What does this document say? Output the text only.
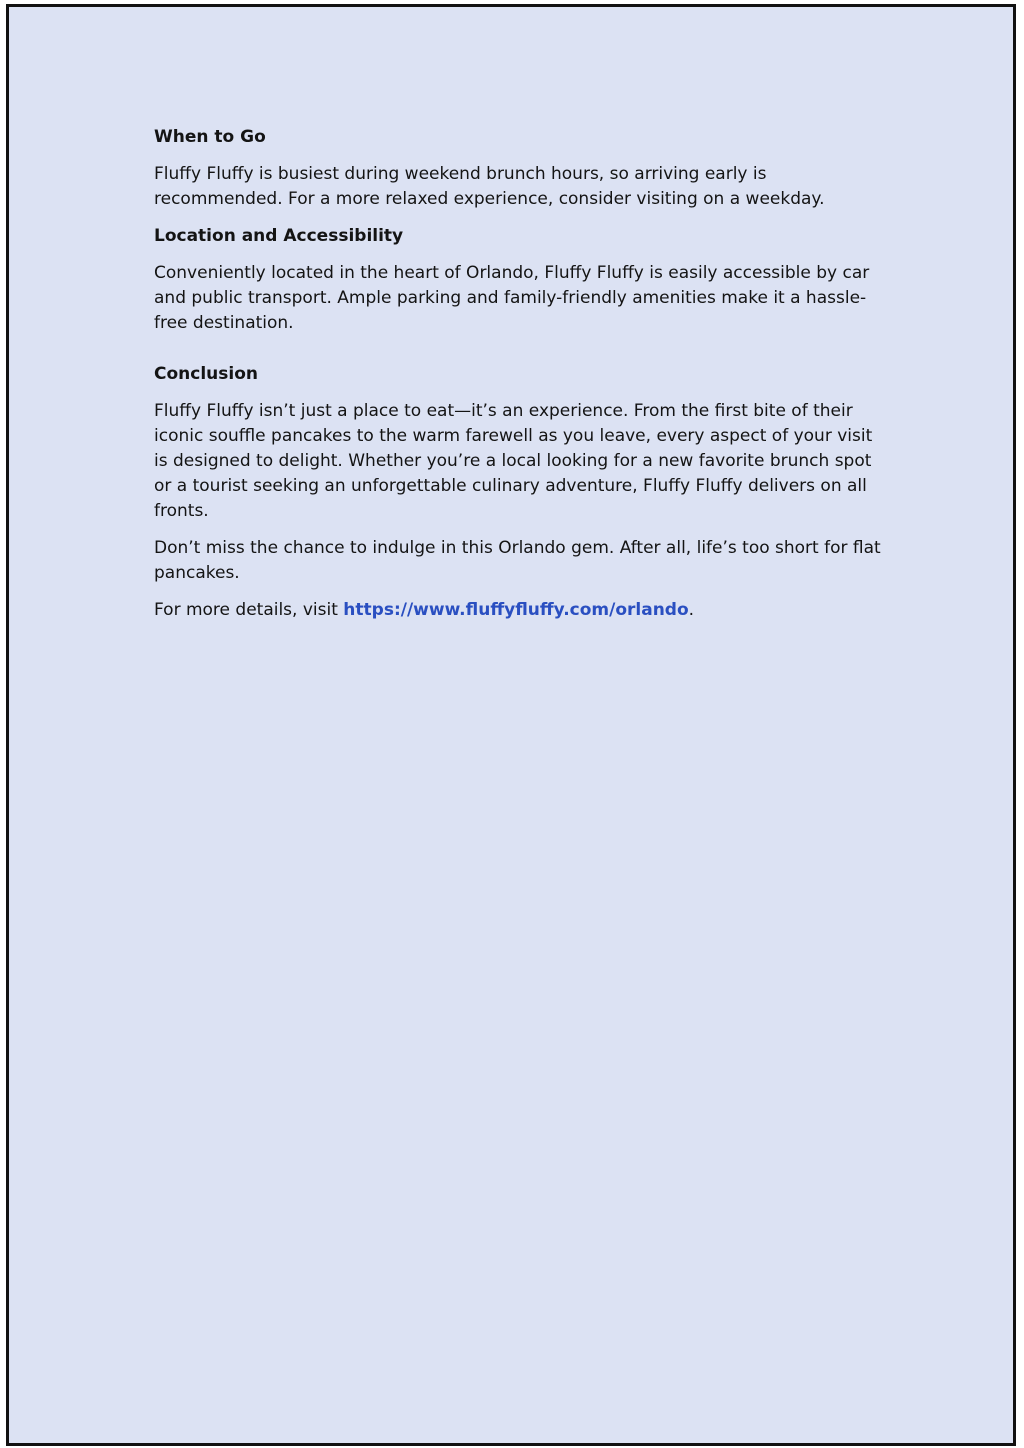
When to Go
Fluffy Fluffy is busiest during weekend brunch hours, so arriving early is recommended. For a more relaxed experience, consider visiting on a weekday.
Location and Accessibility
Conveniently located in the heart of Orlando, Fluffy Fluffy is easily accessible by car and public transport. Ample parking and family-friendly amenities make it a hassle-free destination.
Conclusion
Fluffy Fluffy isn’t just a place to eat—it’s an experience. From the first bite of their iconic souffle pancakes to the warm farewell as you leave, every aspect of your visit is designed to delight. Whether you’re a local looking for a new favorite brunch spot or a tourist seeking an unforgettable culinary adventure, Fluffy Fluffy delivers on all fronts.
Don’t miss the chance to indulge in this Orlando gem. After all, life’s too short for flat pancakes.
For more details, visit https://www.fluffyfluffy.com/orlando.
